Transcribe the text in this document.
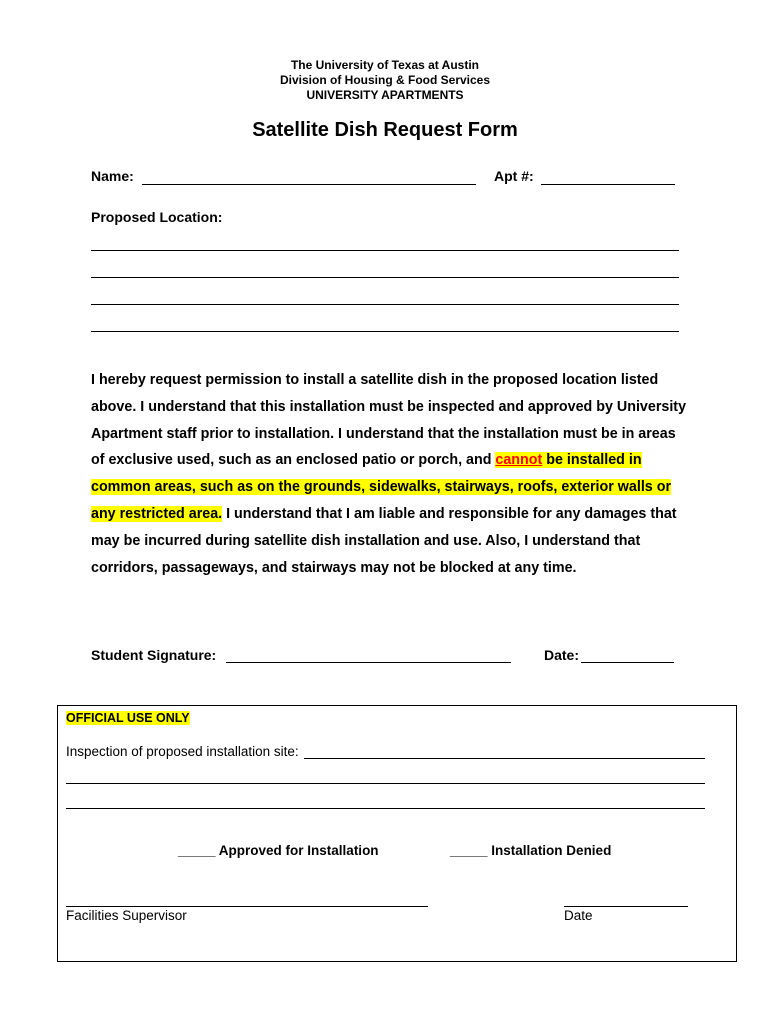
The University of Texas at Austin
Division of Housing & Food Services
UNIVERSITY APARTMENTS
Satellite Dish Request Form
Name:	Apt #:
Proposed Location:
I hereby request permission to install a satellite dish in the proposed location listed above. I understand that this installation must be inspected and approved by University Apartment staff prior to installation. I understand that the installation must be in areas of exclusive used, such as an enclosed patio or porch, and cannot be installed in common areas, such as on the grounds, sidewalks, stairways, roofs, exterior walls or any restricted area. I understand that I am liable and responsible for any damages that may be incurred during satellite dish installation and use. Also, I understand that corridors, passageways, and stairways may not be blocked at any time.
Student Signature:	Date:
OFFICIAL USE ONLY
Inspection of proposed installation site:
_____ Approved for Installation	_____ Installation Denied
Facilities Supervisor	Date
